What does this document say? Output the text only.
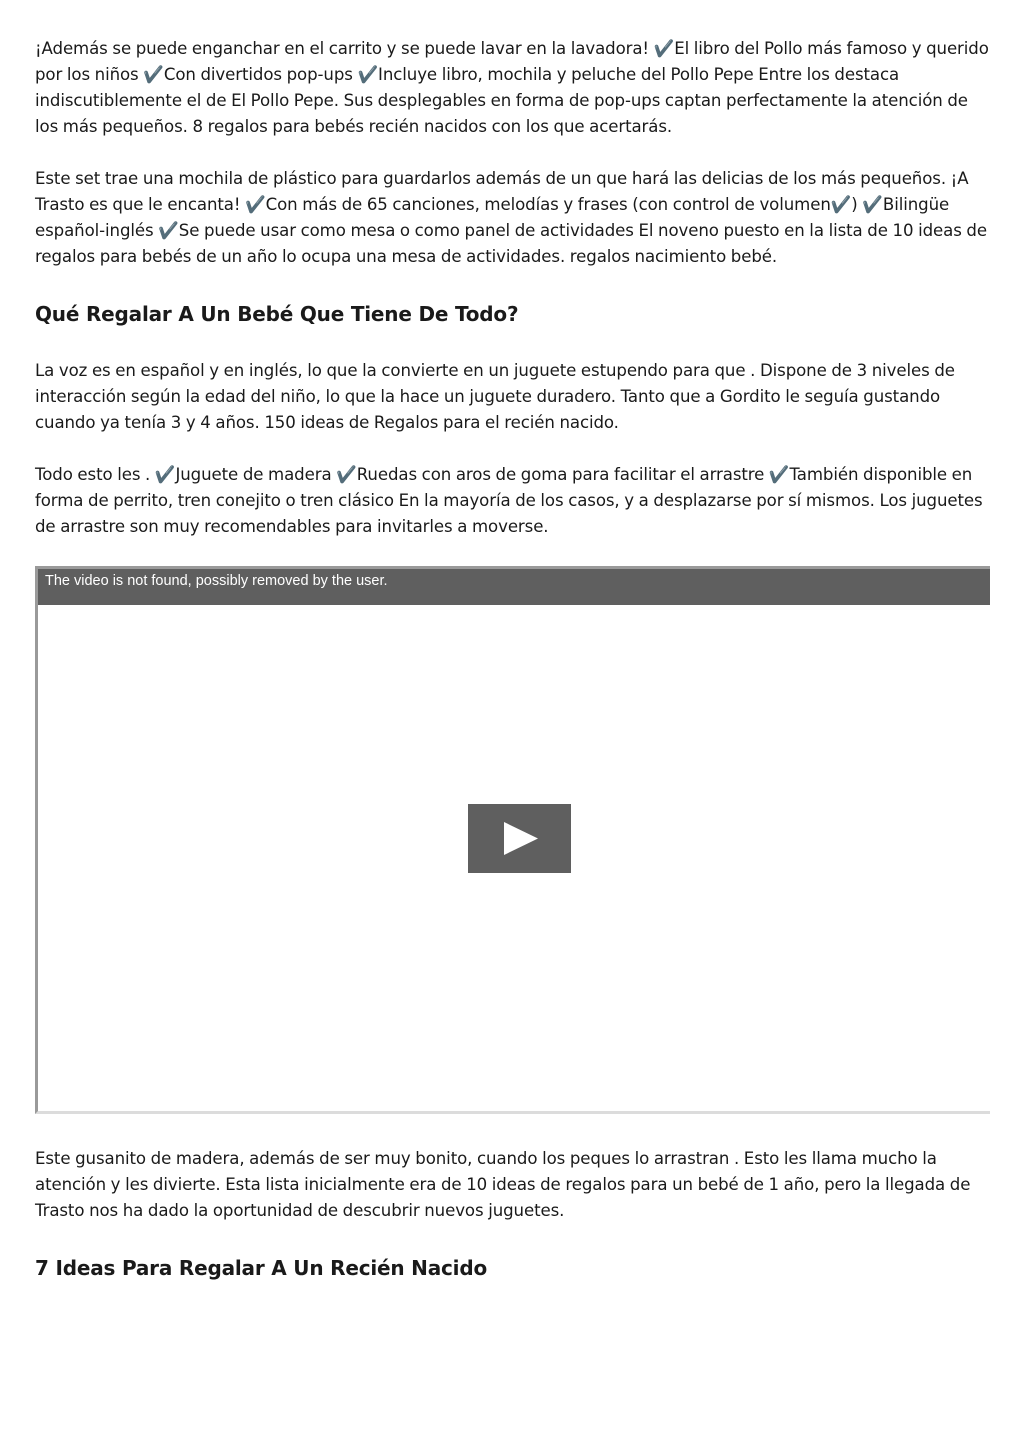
¡Además se puede enganchar en el carrito y se puede lavar en la lavadora! ✔️El libro del Pollo más famoso y querido por los niños ✔️Con divertidos pop-ups ✔️Incluye libro, mochila y peluche del Pollo Pepe Entre los destaca indiscutiblemente el de El Pollo Pepe. Sus desplegables en forma de pop-ups captan perfectamente la atención de los más pequeños. 8 regalos para bebés recién nacidos con los que acertarás.

Este set trae una mochila de plástico para guardarlos además de un que hará las delicias de los más pequeños. ¡A Trasto es que le encanta! ✔️Con más de 65 canciones, melodías y frases (con control de volumen✔️) ✔️Bilingüe español-inglés ✔️Se puede usar como mesa o como panel de actividades El noveno puesto en la lista de 10 ideas de regalos para bebés de un año lo ocupa una mesa de actividades. regalos nacimiento bebé.

Qué Regalar A Un Bebé Que Tiene De Todo?

La voz es en español y en inglés, lo que la convierte en un juguete estupendo para que . Dispone de 3 niveles de interacción según la edad del niño, lo que la hace un juguete duradero. Tanto que a Gordito le seguía gustando cuando ya tenía 3 y 4 años. 150 ideas de Regalos para el recién nacido.

Todo esto les . ✔️Juguete de madera ✔️Ruedas con aros de goma para facilitar el arrastre ✔️También disponible en forma de perrito, tren conejito o tren clásico En la mayoría de los casos, y a desplazarse por sí mismos. Los juguetes de arrastre son muy recomendables para invitarles a moverse.

The video is not found, possibly removed by the user.

Este gusanito de madera, además de ser muy bonito, cuando los peques lo arrastran . Esto les llama mucho la atención y les divierte. Esta lista inicialmente era de 10 ideas de regalos para un bebé de 1 año, pero la llegada de Trasto nos ha dado la oportunidad de descubrir nuevos juguetes.

7 Ideas Para Regalar A Un Recién Nacido
